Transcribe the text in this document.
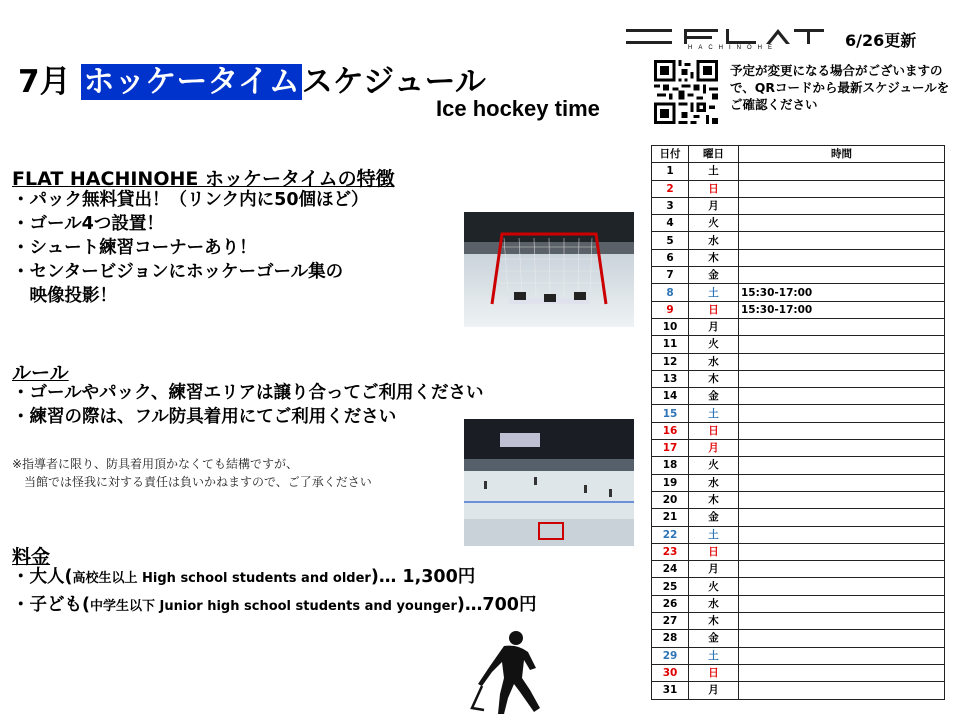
HACHINOHE	6/26更新
7月 ホッケータイムスケジュール
Ice hockey time
予定が変更になる場合がございますので、QRコードから最新スケジュールをご確認ください
FLAT HACHINOHE ホッケータイムの特徴
・パック無料貸出！（リンク内に50個ほど）
・ゴール4つ設置！
・シュート練習コーナーあり！
・センタービジョンにホッケーゴール集の
　映像投影！
ルール
・ゴールやパック、練習エリアは譲り合ってご利用ください
・練習の際は、フル防具着用にてご利用ください
※指導者に限り、防具着用頂かなくても結構ですが、
　当館では怪我に対する責任は負いかねますので、ご了承ください
料金
・大人(高校生以上 High school students and older)… 1,300円
・子ども(中学生以下 Junior high school students and younger)…700円
日付	曜日	時間
1	土	
2	日	
3	月	
4	火	
5	水	
6	木	
7	金	
8	土	15:30-17:00
9	日	15:30-17:00
10	月	
11	火	
12	水	
13	木	
14	金	
15	土	
16	日	
17	月	
18	火	
19	水	
20	木	
21	金	
22	土	
23	日	
24	月	
25	火	
26	水	
27	木	
28	金	
29	土	
30	日	
31	月	
